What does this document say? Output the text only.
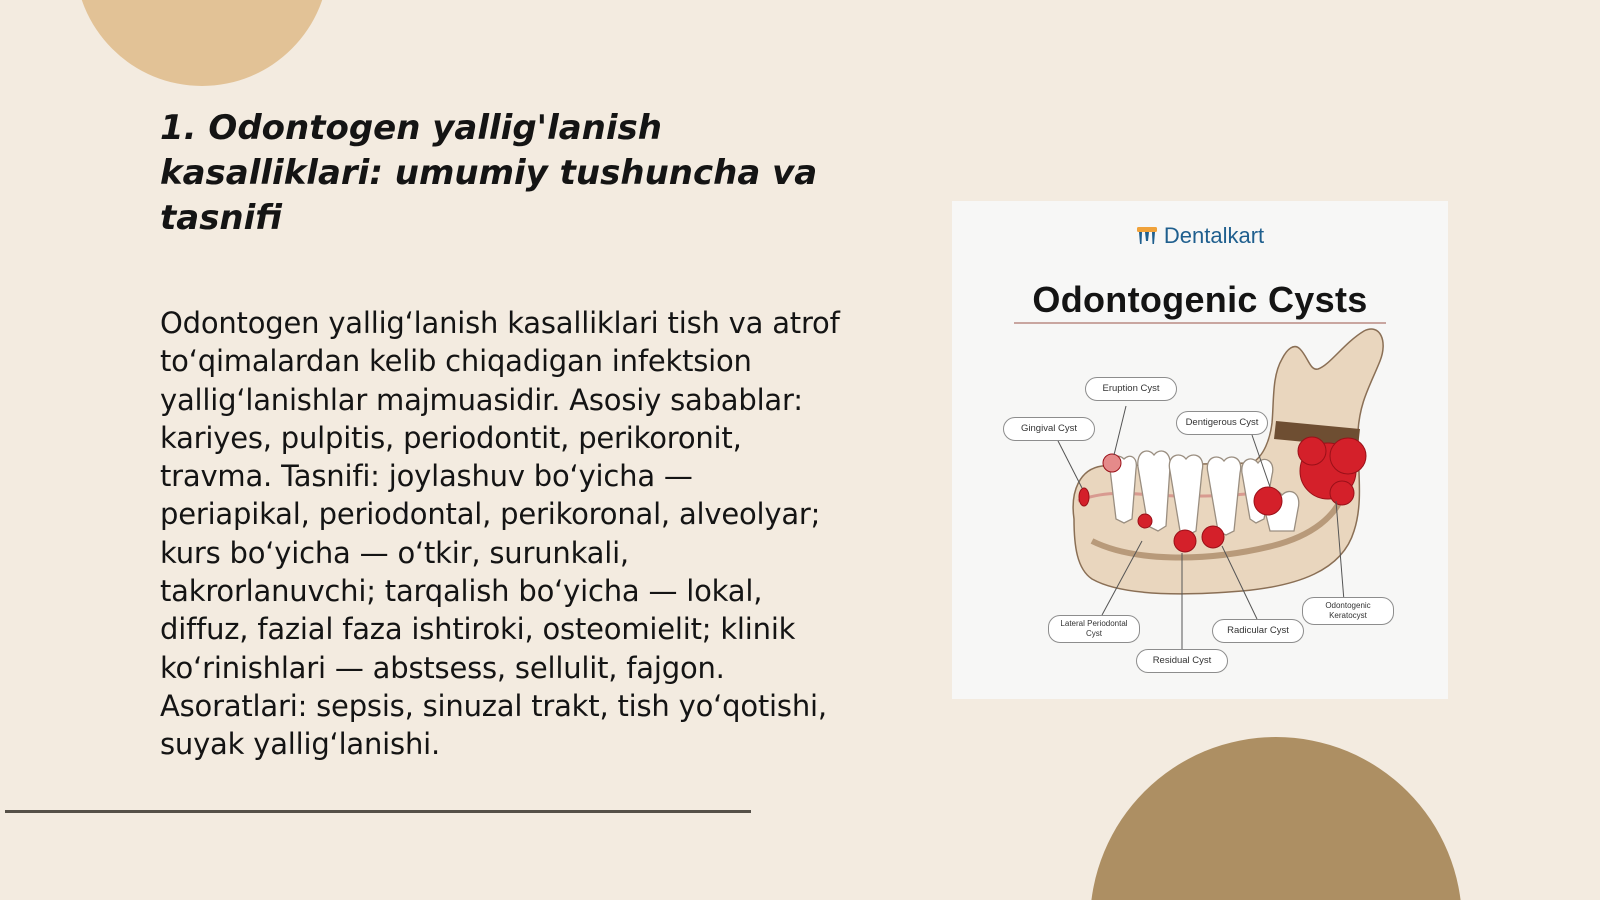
1. Odontogen yallig'lanish kasalliklari: umumiy tushuncha va tasnifi

Odontogen yallig‘lanish kasalliklari tish va atrof to‘qimalardan kelib chiqadigan infektsion yallig‘lanishlar majmuasidir. Asosiy sabablar: kariyes, pulpitis, periodontit, perikoronit, travma. Tasnifi: joylashuv bo‘yicha — periapikal, periodontal, perikoronal, alveolyar; kurs bo‘yicha — o‘tkir, surunkali, takrorlanuvchi; tarqalish bo‘yicha — lokal, diffuz, fazial faza ishtiroki, osteomielit; klinik ko‘rinishlari — abstsess, sellulit, fajgon. Asoratlari: sepsis, sinuzal trakt, tish yo‘qotishi, suyak yallig‘lanishi.

Dentalkart
Odontogenic Cysts
Eruption Cyst
Gingival Cyst
Dentigerous Cyst
Lateral Periodontal Cyst	Radicular Cyst
Odontogenic Keratocyst
Residual Cyst
